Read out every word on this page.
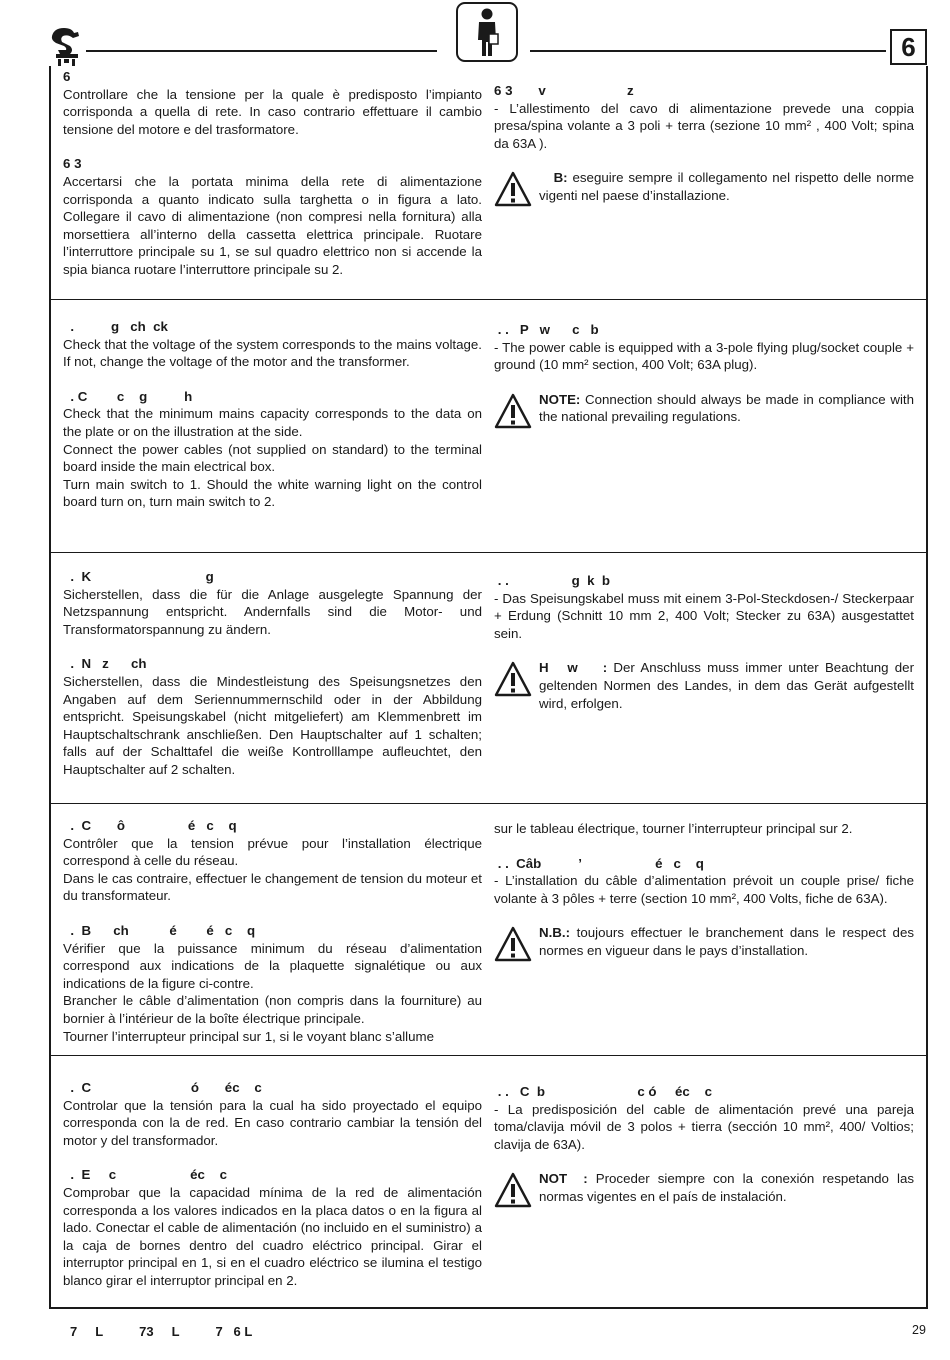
6
6

Controllare che la tensione per la quale è predisposto l’impianto corrisponda a quella di rete. In caso contrario effettuare il cambio tensione del motore e del trasformatore.

6 3

Accertarsi che la portata minima della rete di alimentazione corrisponda a quanto indicato sulla targhetta o in figura a lato. Collegare il cavo di alimentazione (non compresi nella fornitura) alla morsettiera all’interno della cassetta elettrica principale. Ruotare l’interruttore principale su 1, se sul quadro elettrico non si accende la spia bianca ruotare l’interruttore principale su 2.

6 3       v                      z

- L’allestimento del cavo di alimentazione prevede una coppia presa/spina volante a 3 poli + terra (sezione 10 mm² , 400 Volt; spina da 63A ).

B: eseguire sempre il collegamento nel rispetto delle norme vigenti nel paese d’installazione.

.          g   ch  ck

Check that the voltage of the system corresponds to the mains voltage. If not, change the voltage of the motor and the transformer.

. C        c    g          h

Check that the minimum mains capacity corresponds to the data on the plate or on the illustration at the side.

Connect the power cables (not supplied on standard) to the terminal board inside the main electrical box.

Turn main switch to 1. Should the white warning light on the control board turn on, turn main switch to 2.

. .   P   w      c   b

- The power cable is equipped with a 3-pole flying plug/socket couple + ground (10 mm² section, 400 Volt; 63A plug).

NOTE: Connection should always be made in compliance with the national prevailing regulations.

.  K                               g

Sicherstellen, dass die für die Anlage ausgelegte Spannung der Netzspannung entspricht. Andernfalls sind die Motor- und Transformatorspannung zu ändern.

.  N   z      ch

Sicherstellen, dass die Mindestleistung des Speisungsnetzes den Angaben auf dem Seriennummernschild oder in der Abbildung entspricht. Speisungskabel (nicht mitgeliefert) am Klemmenbrett im Hauptschaltschrank anschließen. Den Hauptschalter auf 1 schalten; falls auf der Schalttafel die weiße Kontrolllampe aufleuchtet, den Hauptschalter auf 2 schalten.

. .                 g  k  b

- Das Speisungskabel muss mit einem 3-Pol-Steckdosen-/ Steckerpaar + Erdung (Schnitt 10 mm 2, 400 Volt; Stecker zu 63A) ausgestattet sein.

H   w    : Der Anschluss muss immer unter Beachtung der geltenden Normen des Landes, in dem das Gerät aufgestellt wird, erfolgen.

.  C       ô                 é   c    q

Contrôler que la tension prévue pour l’installation électrique correspond à celle du réseau.

Dans le cas contraire, effectuer le changement de tension du moteur et du transformateur.

.  B      ch           é        é   c    q

Vérifier que la puissance minimum du réseau d’alimentation correspond aux indications de la plaquette signalétique ou aux indications de la figure ci-contre.

Brancher le câble d’alimentation (non compris dans la fourniture) au bornier à l’intérieur de la boîte électrique principale.

Tourner l’interrupteur principal sur 1, si le voyant blanc s’allume

sur le tableau électrique, tourner l’interrupteur principal sur 2.

. .  Câb          ’                    é   c    q

- L’installation du câble d’alimentation prévoit un couple prise/ fiche volante à 3 pôles + terre (section 10 mm², 400 Volts, fiche de 63A).

N.B.: toujours effectuer le branchement dans le respect des normes en vigueur dans le pays d’installation.

.  C                           ó       éc    c

Controlar que la tensión para la cual ha sido proyectado el equipo corresponda con la de red. En caso contrario cambiar la tensión del motor y del transformador.

.  E     c                    éc    c

Comprobar que la capacidad mínima de la red de alimentación corresponda a los valores indicados en la placa datos o en la figura al lado. Conectar el cable de alimentación (no incluido en el suministro) a la caja de bornes dentro del cuadro eléctrico principal. Girar el interruptor principal en 1, si en el cuadro eléctrico se ilumina el testigo blanco girar el interruptor principal en 2.

. .   C  b                         c ó     éc    c

- La predisposición del cable de alimentación prevé una pareja toma/clavija móvil de 3 polos + tierra (sección 10 mm², 400/ Voltios; clavija de 63A).

NOT  : Proceder siempre con la conexión respetando las normas vigentes en el país de instalación.

7     L          73     L          7   6 L	29
